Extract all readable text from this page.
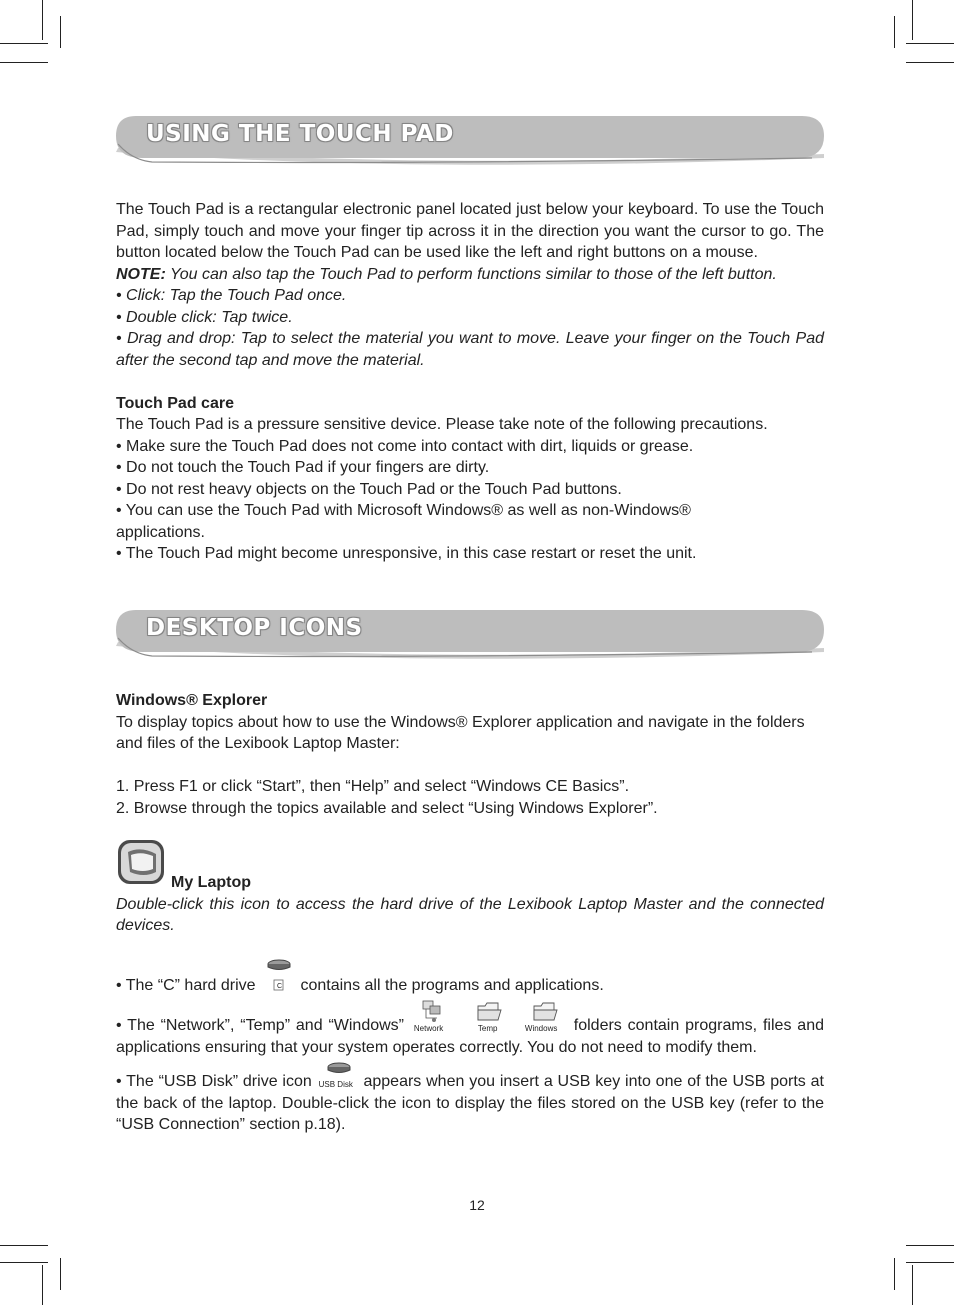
USING THE TOUCH PAD

The Touch Pad is a rectangular electronic panel located just below your keyboard. To use the Touch Pad, simply touch and move your finger tip across it in the direction you want the cursor to go. The button located below the Touch Pad can be used like the left and right buttons on a mouse.

NOTE: You can also tap the Touch Pad to perform functions similar to those of the left button.

• Click: Tap the Touch Pad once.

• Double click: Tap twice.

• Drag and drop: Tap to select the material you want to move. Leave your finger on the Touch Pad after the second tap and move the material.

Touch Pad care

The Touch Pad is a pressure sensitive device. Please take note of the following precautions.

• Make sure the Touch Pad does not come into contact with dirt, liquids or grease.

• Do not touch the Touch Pad if your fingers are dirty.

• Do not rest heavy objects on the Touch Pad or the Touch Pad buttons.

• You can use the Touch Pad with Microsoft Windows® as well as non-Windows® applications.

• The Touch Pad might become unresponsive, in this case restart or reset the unit.

DESKTOP ICONS

Windows® Explorer

To display topics about how to use the Windows® Explorer application and navigate in the folders and files of the Lexibook Laptop Master:

1. Press F1 or click “Start”, then “Help” and select “Windows CE Basics”.

2. Browse through the topics available and select “Using Windows Explorer”.

My Laptop

Double-click this icon to access the hard drive of the Lexibook Laptop Master and the connected devices.

• The “C” hard drive	C contains all the programs and applications.
• The “Network”, “Temp” and “Windows” Network	Temp	Windows folders contain programs, files and applications ensuring that your system operates correctly. You do not need to modify them.
• The “USB Disk” drive icon USB Disk appears when you insert a USB key into one of the USB ports at the back of the laptop. Double-click the icon to display the files stored on the USB key (refer to the “USB Connection” section p.18).
12
